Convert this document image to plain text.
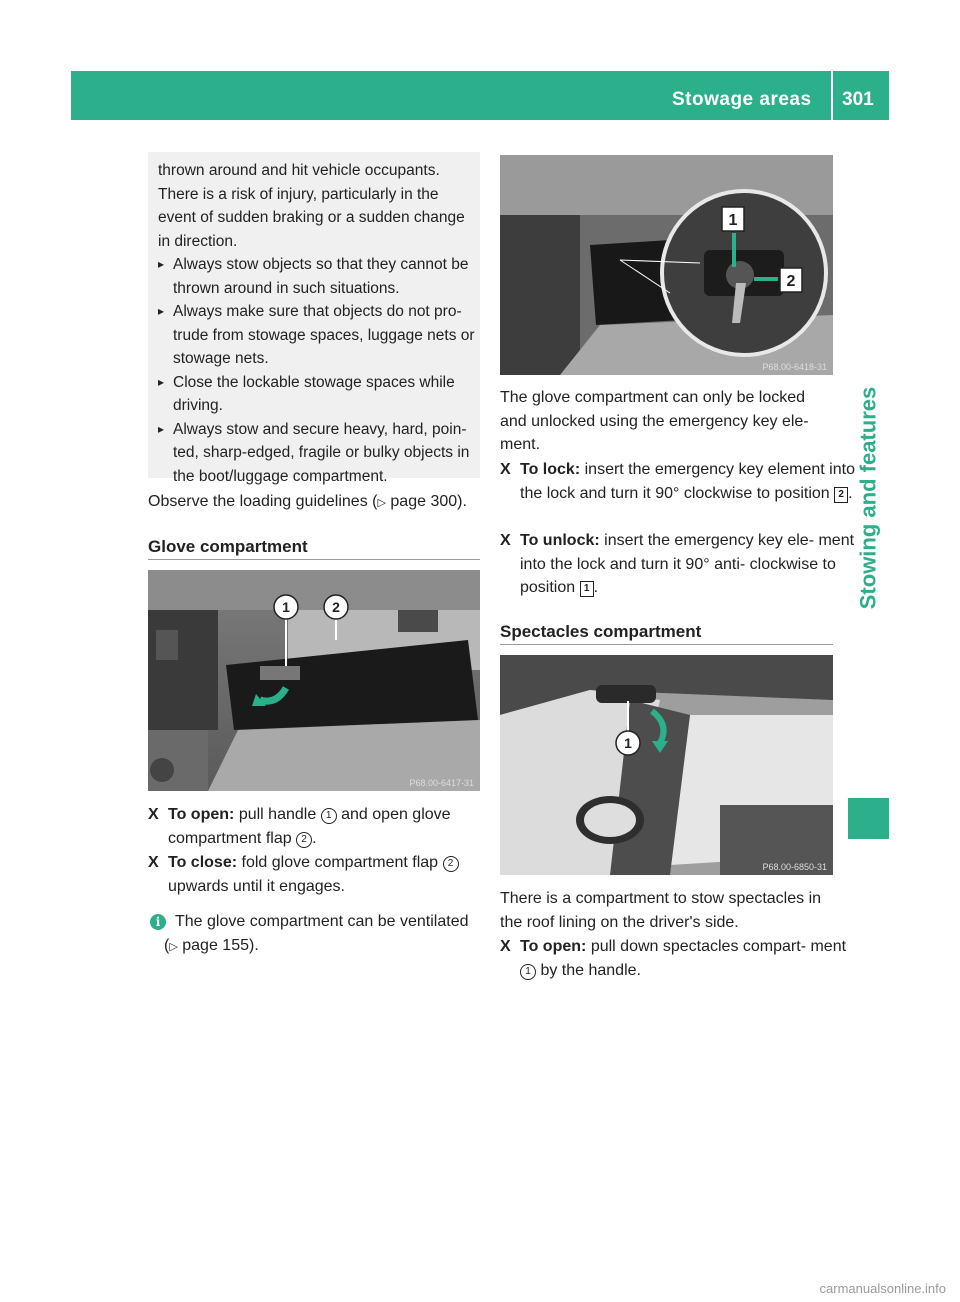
Stowage areas 301
Stowing and features
thrown around and hit vehicle occupants. There is a risk of injury, particularly in the event of sudden braking or a sudden change in direction.
▸ Always stow objects so that they cannot be thrown around in such situations.
▸ Always make sure that objects do not pro- trude from stowage spaces, luggage nets or stowage nets.
▸ Close the lockable stowage spaces while driving.
▸ Always stow and secure heavy, hard, poin- ted, sharp-edged, fragile or bulky objects in the boot/luggage compartment.
Observe the loading guidelines (▷ page 300).
Glove compartment
1	2
P68.00-6417-31
X To open: pull handle 1 and open glove compartment flap 2 .
X To close: fold glove compartment flap 2 upwards until it engages.
i The glove compartment can be ventilated
(▷ page 155).
1
2
P68.00-6418-31
The glove compartment can only be locked and unlocked using the emergency key ele- ment.
X To lock: insert the emergency key element into the lock and turn it 90° clockwise to position 2 .
X To unlock: insert the emergency key ele- ment into the lock and turn it 90° anti- clockwise to position 1 .
Spectacles compartment
1
P68.00-6850-31
There is a compartment to stow spectacles in the roof lining on the driver's side.
X To open: pull down spectacles compart- ment 1 by the handle.
carmanualsonline.info
